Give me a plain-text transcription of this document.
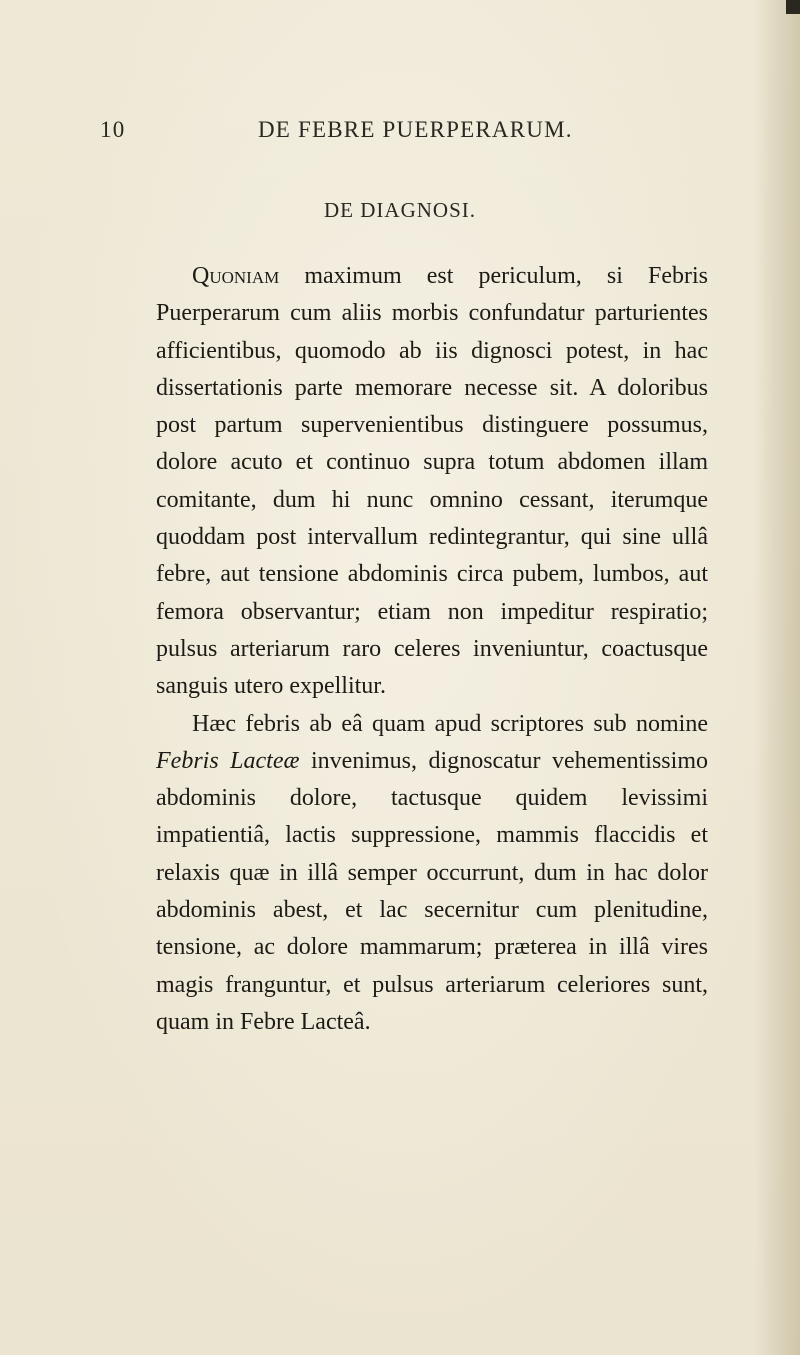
10	DE FEBRE PUERPERARUM.
DE DIAGNOSI.

Quoniam maximum est periculum, si Febris Puerperarum cum aliis morbis confundatur parturientes afficientibus, quomodo ab iis dignosci potest, in hac dissertationis parte memorare necesse sit. A doloribus post partum supervenientibus distinguere possumus, dolore acuto et continuo supra totum abdomen illam comitante, dum hi nunc omnino cessant, iterumque quoddam post intervallum redintegrantur, qui sine ullâ febre, aut tensione abdominis circa pubem, lumbos, aut femora observantur; etiam non impeditur respiratio; pulsus arteriarum raro celeres inveniuntur, coactusque sanguis utero expellitur.

Hæc febris ab eâ quam apud scriptores sub nomine Febris Lacteæ invenimus, dignoscatur vehementissimo abdominis dolore, tactusque quidem levissimi impatientiâ, lactis suppressione, mammis flaccidis et relaxis quæ in illâ semper occurrunt, dum in hac dolor abdominis abest, et lac secernitur cum plenitudine, tensione, ac dolore mammarum; præterea in illâ vires magis franguntur, et pulsus arteriarum celeriores sunt, quam in Febre Lacteâ.
